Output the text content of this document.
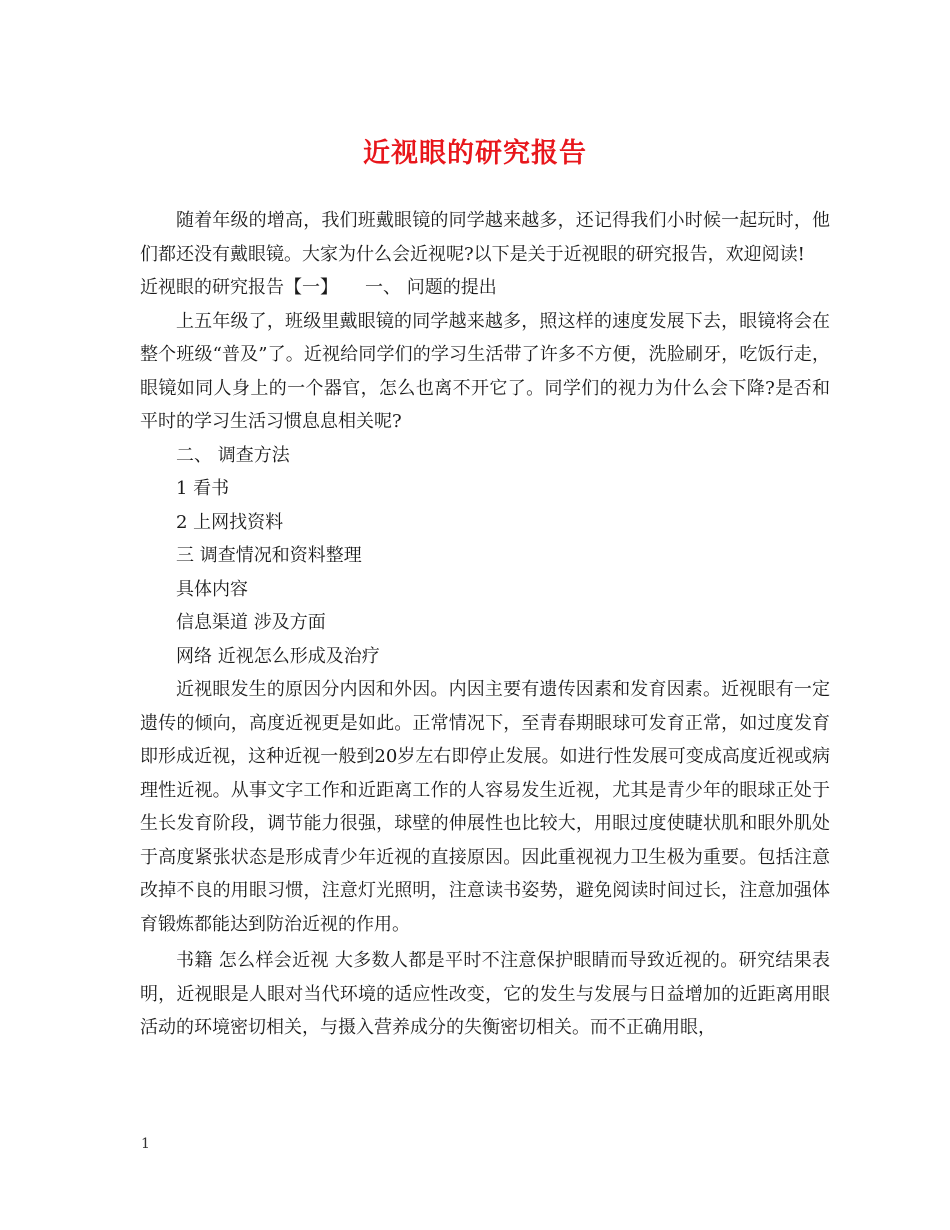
近视眼的研究报告

随着年级的增高，我们班戴眼镜的同学越来越多，还记得我们小时候一起玩时，他们都还没有戴眼镜。大家为什么会近视呢?以下是关于近视眼的研究报告，欢迎阅读!

近视眼的研究报告【一】　　一、 问题的提出

上五年级了，班级里戴眼镜的同学越来越多，照这样的速度发展下去，眼镜将会在整个班级“普及”了。近视给同学们的学习生活带了许多不方便，洗脸刷牙，吃饭行走，眼镜如同人身上的一个器官，怎么也离不开它了。同学们的视力为什么会下降?是否和平时的学习生活习惯息息相关呢?

二、 调查方法

1 看书

2 上网找资料

三 调查情况和资料整理

具体内容

信息渠道 涉及方面

网络 近视怎么形成及治疗

近视眼发生的原因分内因和外因。内因主要有遗传因素和发育因素。近视眼有一定遗传的倾向，高度近视更是如此。正常情况下，至青春期眼球可发育正常，如过度发育即形成近视，这种近视一般到20岁左右即停止发展。如进行性发展可变成高度近视或病理性近视。从事文字工作和近距离工作的人容易发生近视，尤其是青少年的眼球正处于生长发育阶段，调节能力很强，球壁的伸展性也比较大，用眼过度使睫状肌和眼外肌处于高度紧张状态是形成青少年近视的直接原因。因此重视视力卫生极为重要。包括注意改掉不良的用眼习惯，注意灯光照明，注意读书姿势，避免阅读时间过长，注意加强体育锻炼都能达到防治近视的作用。

书籍 怎么样会近视 大多数人都是平时不注意保护眼睛而导致近视的。研究结果表明，近视眼是人眼对当代环境的适应性改变，它的发生与发展与日益增加的近距离用眼活动的环境密切相关，与摄入营养成分的失衡密切相关。而不正确用眼，

1
